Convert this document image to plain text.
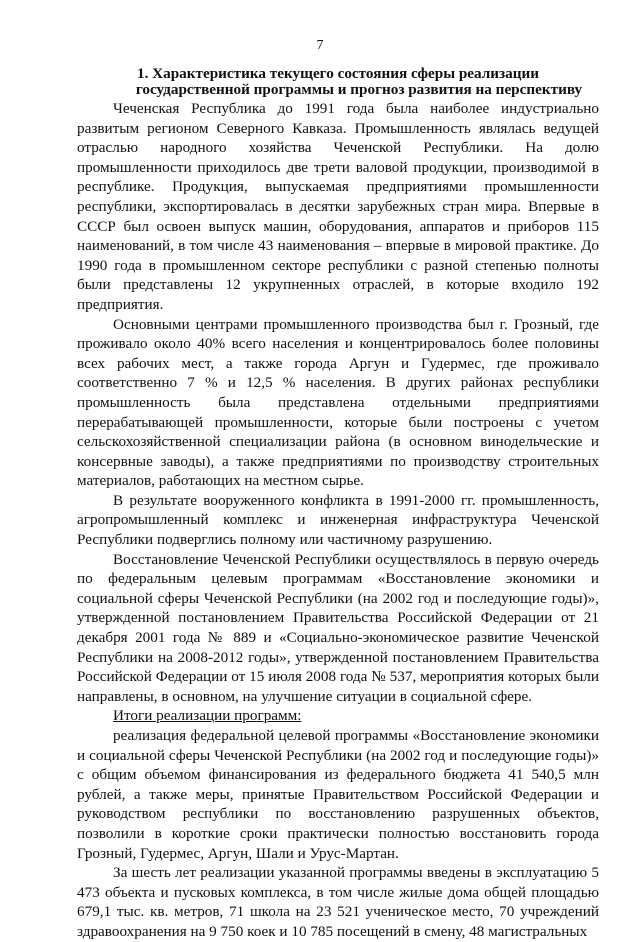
7
1. Характеристика текущего состояния сферы реализации
государственной программы и прогноз развития на перспективу

Чеченская Республика до 1991 года была наиболее индустриально развитым регионом Северного Кавказа. Промышленность являлась ведущей отраслью народного хозяйства Чеченской Республики. На долю промышленности приходилось две трети валовой продукции, производимой в республике. Продукция, выпускаемая предприятиями промышленности республики, экспортировалась в десятки зарубежных стран мира. Впервые в СССР был освоен выпуск машин, оборудования, аппаратов и приборов 115 наименований, в том числе 43 наименования – впервые в мировой практике. До 1990 года в промышленном секторе республики с разной степенью полноты были представлены 12 укрупненных отраслей, в которые входило 192 предприятия.

Основными центрами промышленного производства был г. Грозный, где проживало около 40% всего населения и концентрировалось более половины всех рабочих мест, а также города Аргун и Гудермес, где проживало соответственно 7 % и 12,5 % населения. В других районах республики промышленность была представлена отдельными предприятиями перерабатывающей промышленности, которые были построены с учетом сельскохозяйственной специализации района (в основном винодельческие и консервные заводы), а также предприятиями по производству строительных материалов, работающих на местном сырье.

В результате вооруженного конфликта в 1991-2000 гг. промышленность, агропромышленный комплекс и инженерная инфраструктура Чеченской Республики подверглись полному или частичному разрушению.

Восстановление Чеченской Республики осуществлялось в первую очередь по федеральным целевым программам «Восстановление экономики и социальной сферы Чеченской Республики (на 2002 год и последующие годы)», утвержденной постановлением Правительства Российской Федерации от 21 декабря 2001 года № 889 и «Социально-экономическое развитие Чеченской Республики на 2008-2012 годы», утвержденной постановлением Правительства Российской Федерации от 15 июля 2008 года № 537, мероприятия которых были направлены, в основном, на улучшение ситуации в социальной сфере.

Итоги реализации программ:

реализация федеральной целевой программы «Восстановление экономики и социальной сферы Чеченской Республики (на 2002 год и последующие годы)» с общим объемом финансирования из федерального бюджета 41 540,5 млн рублей, а также меры, принятые Правительством Российской Федерации и руководством республики по восстановлению разрушенных объектов, позволили в короткие сроки практически полностью восстановить города Грозный, Гудермес, Аргун, Шали и Урус-Мартан.

За шесть лет реализации указанной программы введены в эксплуатацию 5 473 объекта и пусковых комплекса, в том числе жилые дома общей площадью 679,1 тыс. кв. метров, 71 школа на 23 521 ученическое место, 70 учреждений здравоохранения на 9 750 коек и 10 785 посещений в смену, 48 магистральных
